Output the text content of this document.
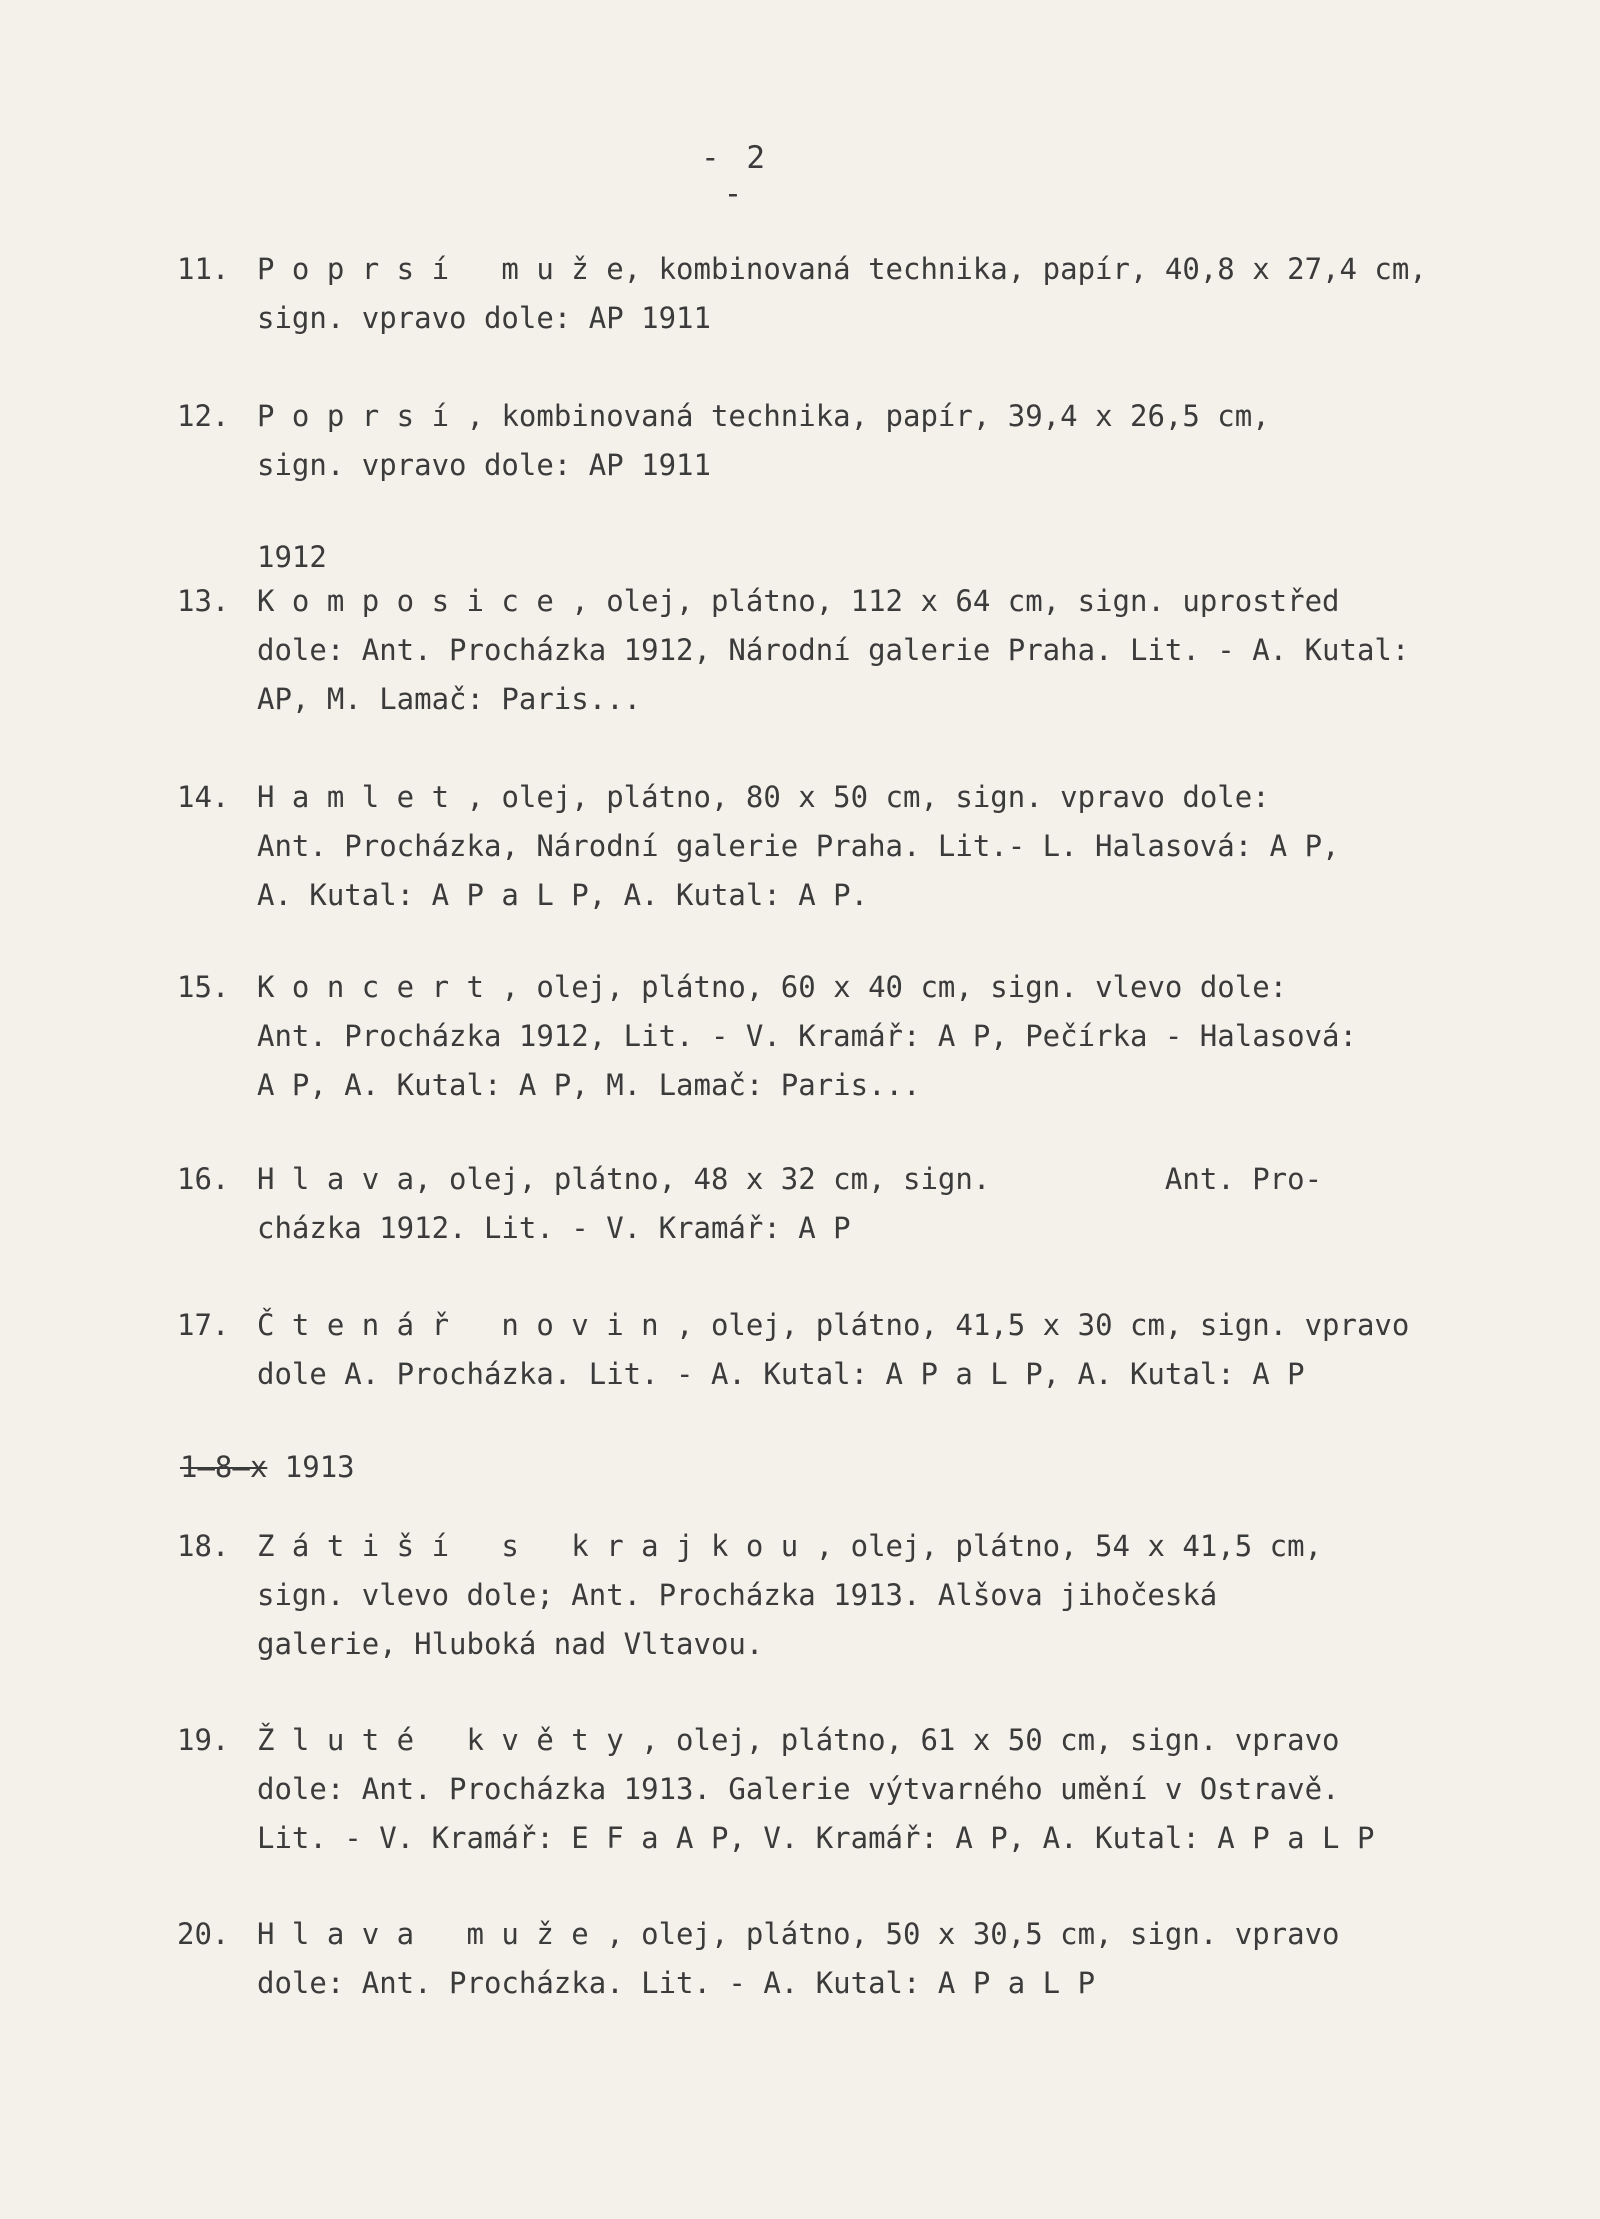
- 2 -
11. P o p r s í   m u ž e, kombinovaná technika, papír, 40,8 x 27,4 cm,
sign. vpravo dole: AP 1911
12. P o p r s í , kombinovaná technika, papír, 39,4 x 26,5 cm,
sign. vpravo dole: AP 1911
1912
13. K o m p o s i c e , olej, plátno, 112 x 64 cm, sign. uprostřed
dole: Ant. Procházka 1912, Národní galerie Praha. Lit. - A. Kutal:
AP, M. Lamač: Paris...
14. H a m l e t , olej, plátno, 80 x 50 cm, sign. vpravo dole:
Ant. Procházka, Národní galerie Praha. Lit.- L. Halasová: A P,
A. Kutal: A P a L P, A. Kutal: A P.
15. K o n c e r t , olej, plátno, 60 x 40 cm, sign. vlevo dole:
Ant. Procházka 1912, Lit. - V. Kramář: A P, Pečírka - Halasová:
A P, A. Kutal: A P, M. Lamač: Paris...
16. H l a v a, olej, plátno, 48 x 32 cm, sign.          Ant. Pro-
cházka 1912. Lit. - V. Kramář: A P
17. Č t e n á ř   n o v i n , olej, plátno, 41,5 x 30 cm, sign. vpravo
dole A. Procházka. Lit. - A. Kutal: A P a L P, A. Kutal: A P
1̶8̶x 1913
18. Z á t i š í   s   k r a j k o u , olej, plátno, 54 x 41,5 cm,
sign. vlevo dole; Ant. Procházka 1913. Alšova jihočeská
galerie, Hluboká nad Vltavou.
19. Ž l u t é   k v ě t y , olej, plátno, 61 x 50 cm, sign. vpravo
dole: Ant. Procházka 1913. Galerie výtvarného umění v Ostravě.
Lit. - V. Kramář: E F a A P, V. Kramář: A P, A. Kutal: A P a L P
20. H l a v a   m u ž e , olej, plátno, 50 x 30,5 cm, sign. vpravo
dole: Ant. Procházka. Lit. - A. Kutal: A P a L P
